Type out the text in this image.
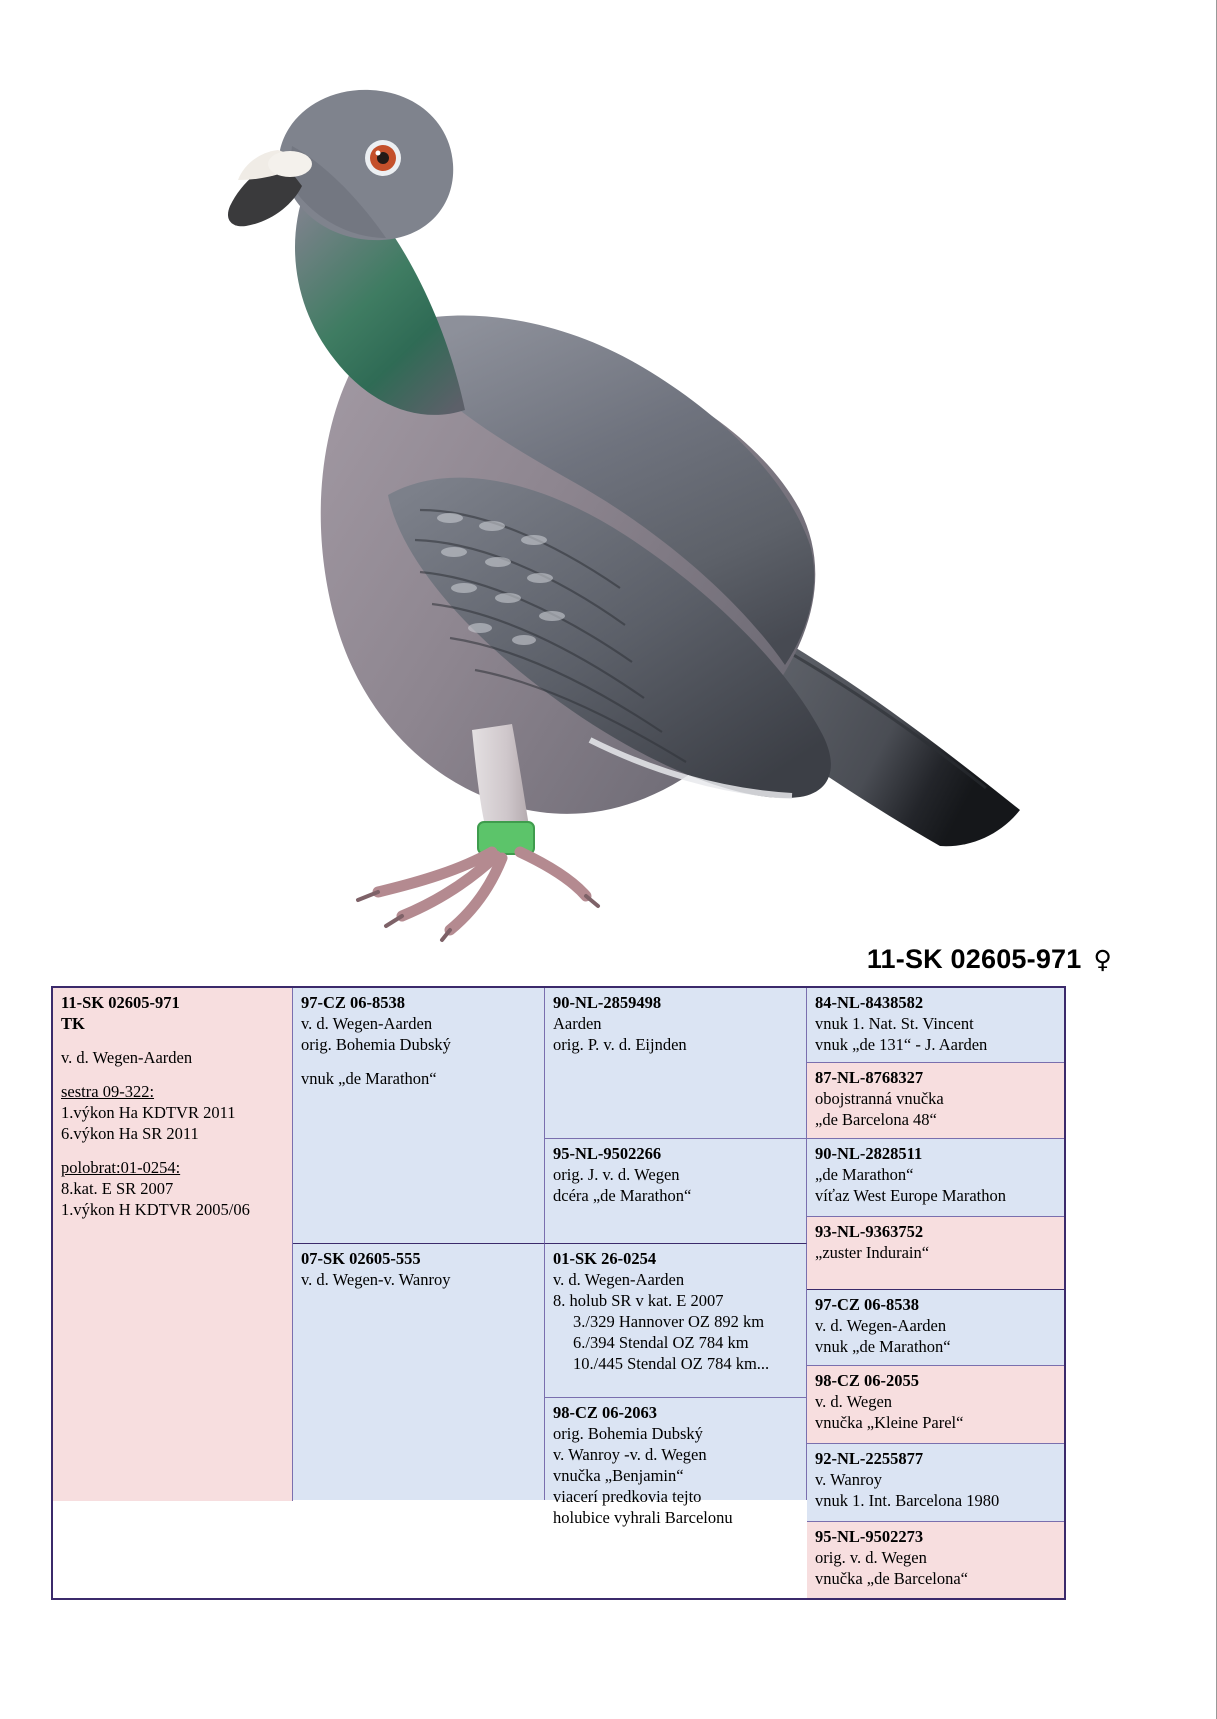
11-SK 02605-971 ♀
11-SK 02605-971
TK
v. d. Wegen-Aarden
sestra 09-322:
1.výkon Ha KDTVR 2011
6.výkon Ha SR 2011
polobrat:01-0254:
8.kat. E SR 2007
1.výkon H KDTVR 2005/06
97-CZ 06-8538
v. d. Wegen-Aarden
orig. Bohemia Dubský
vnuk „de Marathon“
07-SK 02605-555
v. d. Wegen-v. Wanroy
90-NL-2859498
Aarden
orig. P. v. d. Eijnden
95-NL-9502266
orig. J. v. d. Wegen
dcéra „de Marathon“
01-SK 26-0254
v. d. Wegen-Aarden
8. holub SR v kat. E 2007
3./329 Hannover OZ 892 km
6./394 Stendal OZ 784 km
10./445 Stendal OZ 784 km...
98-CZ 06-2063
orig. Bohemia Dubský
v. Wanroy -v. d. Wegen
vnučka „Benjamin“
viacerí predkovia tejto
holubice vyhrali Barcelonu
84-NL-8438582
vnuk 1. Nat. St. Vincent
vnuk „de 131“ - J. Aarden
87-NL-8768327
obojstranná vnučka
„de Barcelona 48“
90-NL-2828511
„de Marathon“
víťaz West Europe Marathon
93-NL-9363752
„zuster Indurain“
97-CZ 06-8538
v. d. Wegen-Aarden
vnuk „de Marathon“
98-CZ 06-2055
v. d. Wegen
vnučka „Kleine Parel“
92-NL-2255877
v. Wanroy
vnuk 1. Int. Barcelona 1980
95-NL-9502273
orig. v. d. Wegen
vnučka „de Barcelona“
